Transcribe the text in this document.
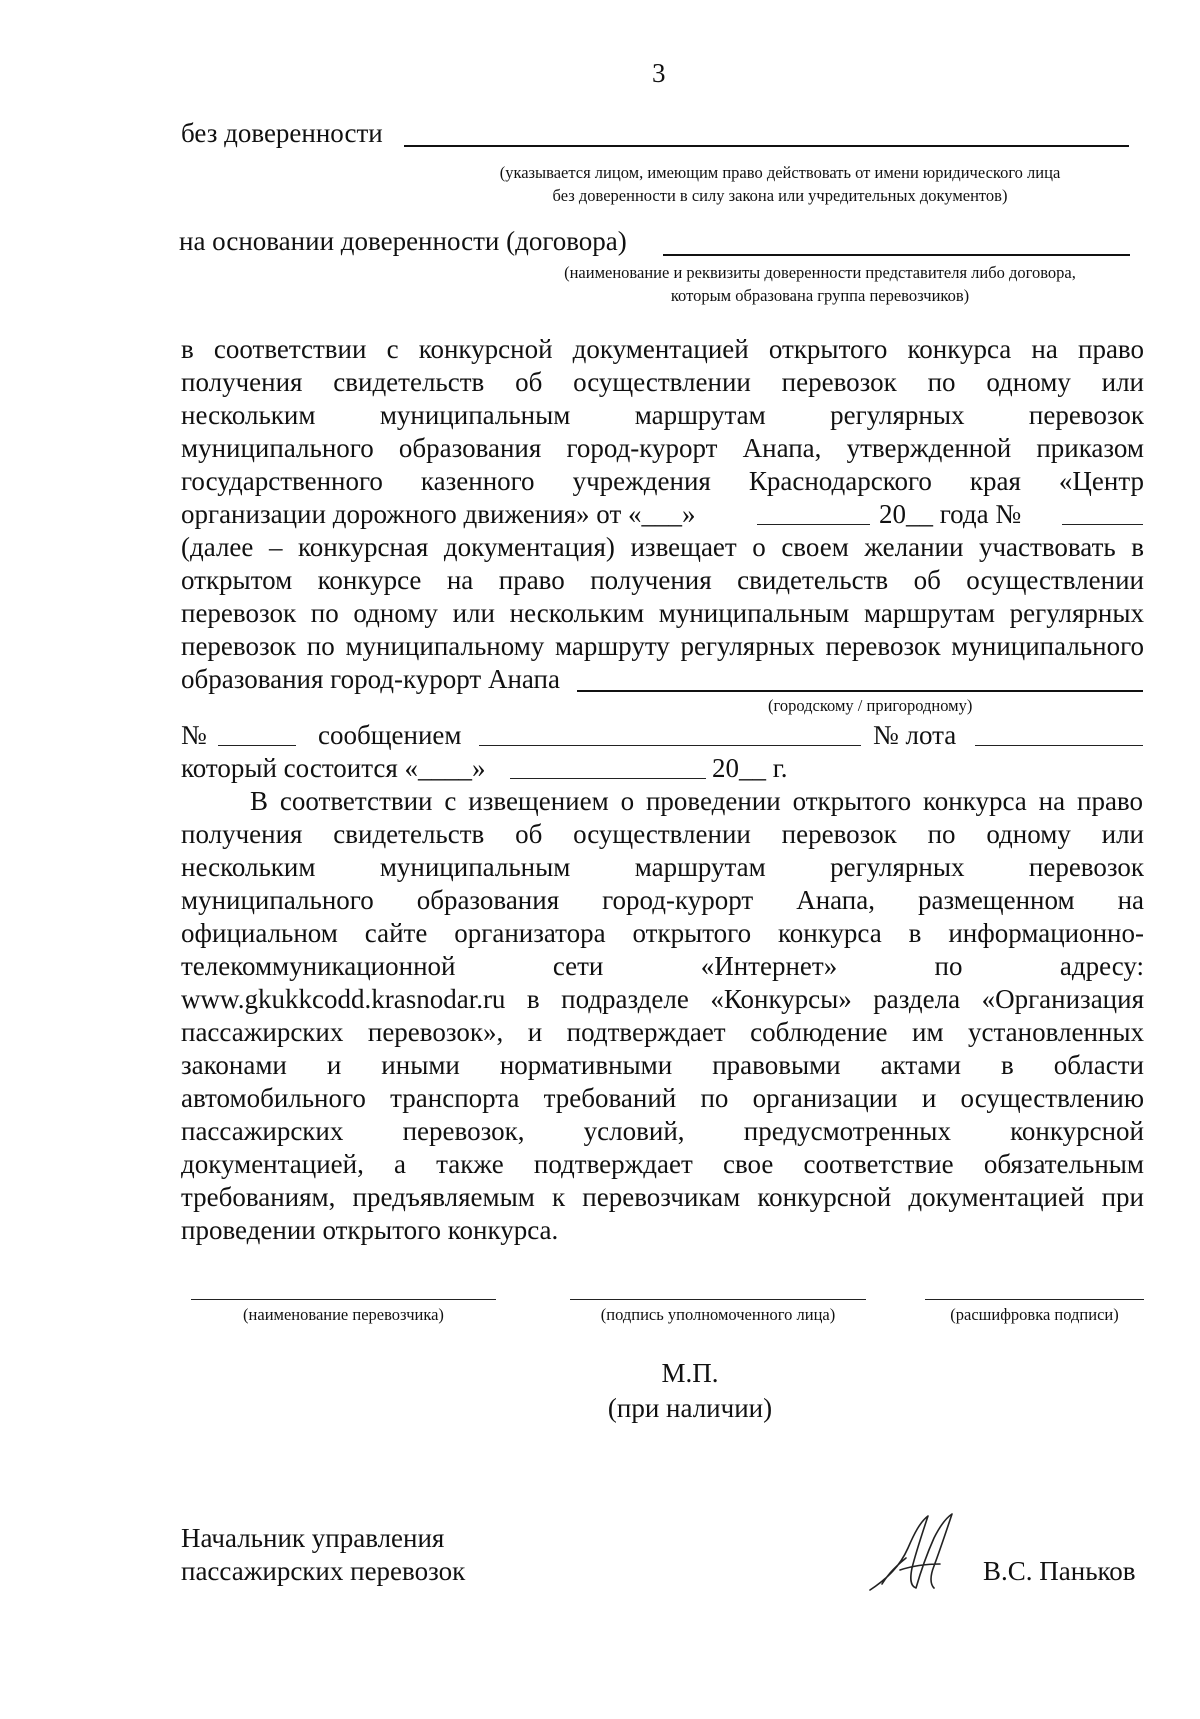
3
без доверенности
(указывается лицом, имеющим право действовать от имени юридического лица
без доверенности в силу закона или учредительных документов)
на основании доверенности (договора)
(наименование и реквизиты доверенности представителя либо договора,
которым образована группа перевозчиков)
в соответствии с конкурсной документацией открытого конкурса на право
получения свидетельств об осуществлении перевозок по одному или
нескольким муниципальным маршрутам регулярных перевозок
муниципального образования город-курорт Анапа, утвержденной приказом
государственного казенного учреждения Краснодарского края «Центр
организации дорожного движения» от «___»	20__ года №
(далее – конкурсная документация) извещает о своем желании участвовать в
открытом конкурсе на право получения свидетельств об осуществлении
перевозок по одному или нескольким муниципальным маршрутам регулярных
перевозок по муниципальному маршруту регулярных перевозок муниципального
образования город-курорт Анапа
(городскому / пригородному)
№	сообщением	№ лота
который состоится «____»	20__ г.
В соответствии с извещением о проведении открытого конкурса на право
получения свидетельств об осуществлении перевозок по одному или
нескольким муниципальным маршрутам регулярных перевозок
муниципального образования город-курорт Анапа, размещенном на
официальном сайте организатора открытого конкурса в информационно-
телекоммуникационной сети «Интернет» по адресу:
www.gkukkcodd.krasnodar.ru в подразделе «Конкурсы» раздела «Организация
пассажирских перевозок», и подтверждает соблюдение им установленных
законами и иными нормативными правовыми актами в области
автомобильного транспорта требований по организации и осуществлению
пассажирских перевозок, условий, предусмотренных конкурсной
документацией, а также подтверждает свое соответствие обязательным
требованиям, предъявляемым к перевозчикам конкурсной документацией при
проведении открытого конкурса.
(наименование перевозчика)	(подпись уполномоченного лица)	(расшифровка подписи)
М.П.
(при наличии)
Начальник управления
пассажирских перевозок	В.С. Паньков
